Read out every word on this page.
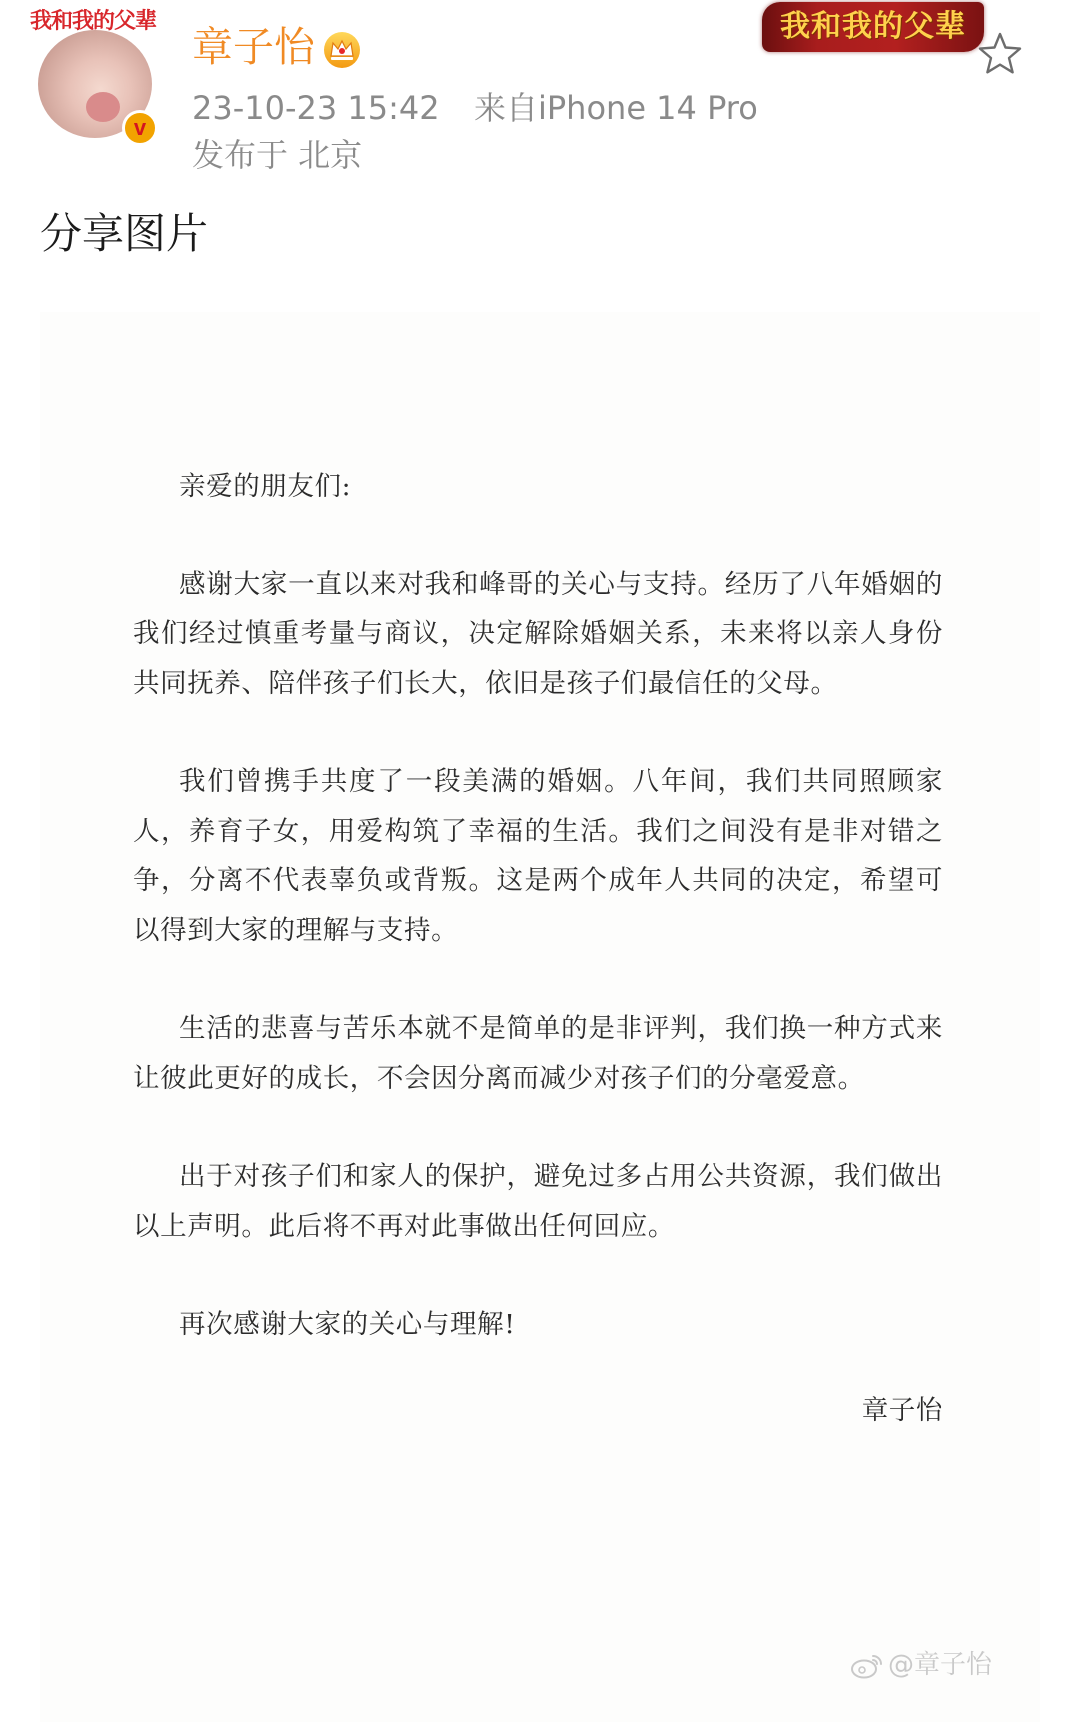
我和我的父辈
v
章子怡
23-10-23 15:42 来自iPhone 14 Pro
发布于 北京
我和我的父辈
分享图片

亲爱的朋友们:

感谢大家一直以来对我和峰哥的关心与支持。经历了八年婚姻的我们经过慎重考量与商议，决定解除婚姻关系，未来将以亲人身份共同抚养、陪伴孩子们长大，依旧是孩子们最信任的父母。

我们曾携手共度了一段美满的婚姻。八年间，我们共同照顾家人，养育子女，用爱构筑了幸福的生活。我们之间没有是非对错之争，分离不代表辜负或背叛。这是两个成年人共同的决定，希望可以得到大家的理解与支持。

生活的悲喜与苦乐本就不是简单的是非评判，我们换一种方式来让彼此更好的成长，不会因分离而减少对孩子们的分毫爱意。

出于对孩子们和家人的保护，避免过多占用公共资源，我们做出以上声明。此后将不再对此事做出任何回应。

再次感谢大家的关心与理解!

章子怡

@章子怡
